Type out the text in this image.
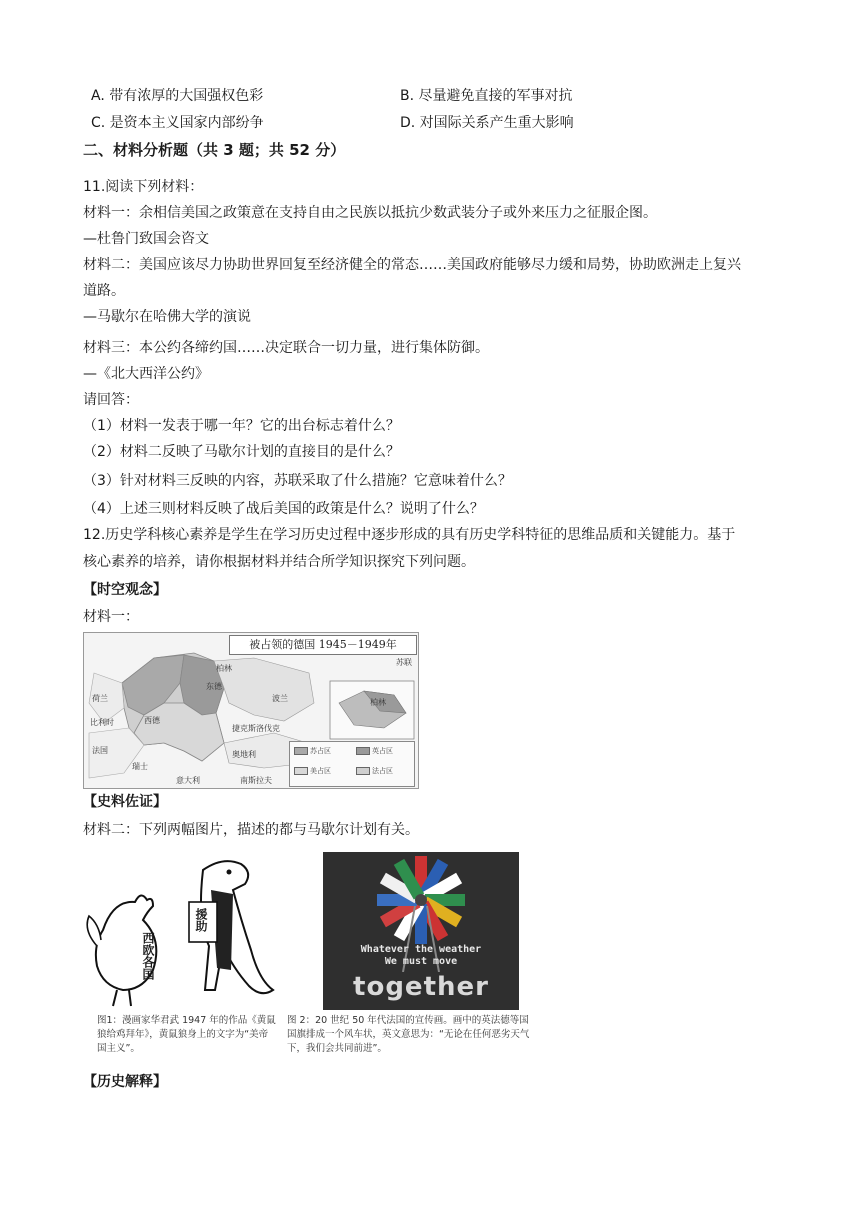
A. 带有浓厚的大国强权色彩	B. 尽量避免直接的军事对抗
C. 是资本主义国家内部纷争	D. 对国际关系产生重大影响
二、材料分析题（共 3 题；共 52 分）
11.阅读下列材料：
材料一：余相信美国之政策意在支持自由之民族以抵抗少数武装分子或外来压力之征服企图。
—杜鲁门致国会咨文
材料二：美国应该尽力协助世界回复至经济健全的常态……美国政府能够尽力缓和局势，协助欧洲走上复兴
道路。
—马歇尔在哈佛大学的演说
材料三：本公约各缔约国……决定联合一切力量，进行集体防御。
—《北大西洋公约》
请回答：
（1）材料一发表于哪一年？它的出台标志着什么？
（2）材料二反映了马歇尔计划的直接目的是什么？
（3）针对材料三反映的内容，苏联采取了什么措施？它意味着什么？
（4）上述三则材料反映了战后美国的政策是什么？说明了什么？
12.历史学科核心素养是学生在学习历史过程中逐步形成的具有历史学科特征的思维品质和关键能力。基于
核心素养的培养，请你根据材料并结合所学知识探究下列问题。
【时空观念】
材料一：
被占领的德国 1945－1949年
西德
东德
柏林
波兰
荷兰
比利时
法国
瑞士
奥地利
意大利	南斯拉夫
捷克斯洛伐克
苏联
柏林
苏占区
美占区
英占区
法占区
【史料佐证】
材料二：下列两幅图片，描述的都与马歇尔计划有关。
援助
西欧各国
图1：漫画家华君武 1947 年的作品《黄鼠狼给鸡拜年》，黄鼠狼身上的文字为“美帝国主义”。
Whatever the weather
We must move
together
图 2：20 世纪 50 年代法国的宣传画。画中的英法德等国国旗排成一个风车状，英文意思为：“无论在任何恶劣天气下，我们会共同前进”。
【历史解释】
